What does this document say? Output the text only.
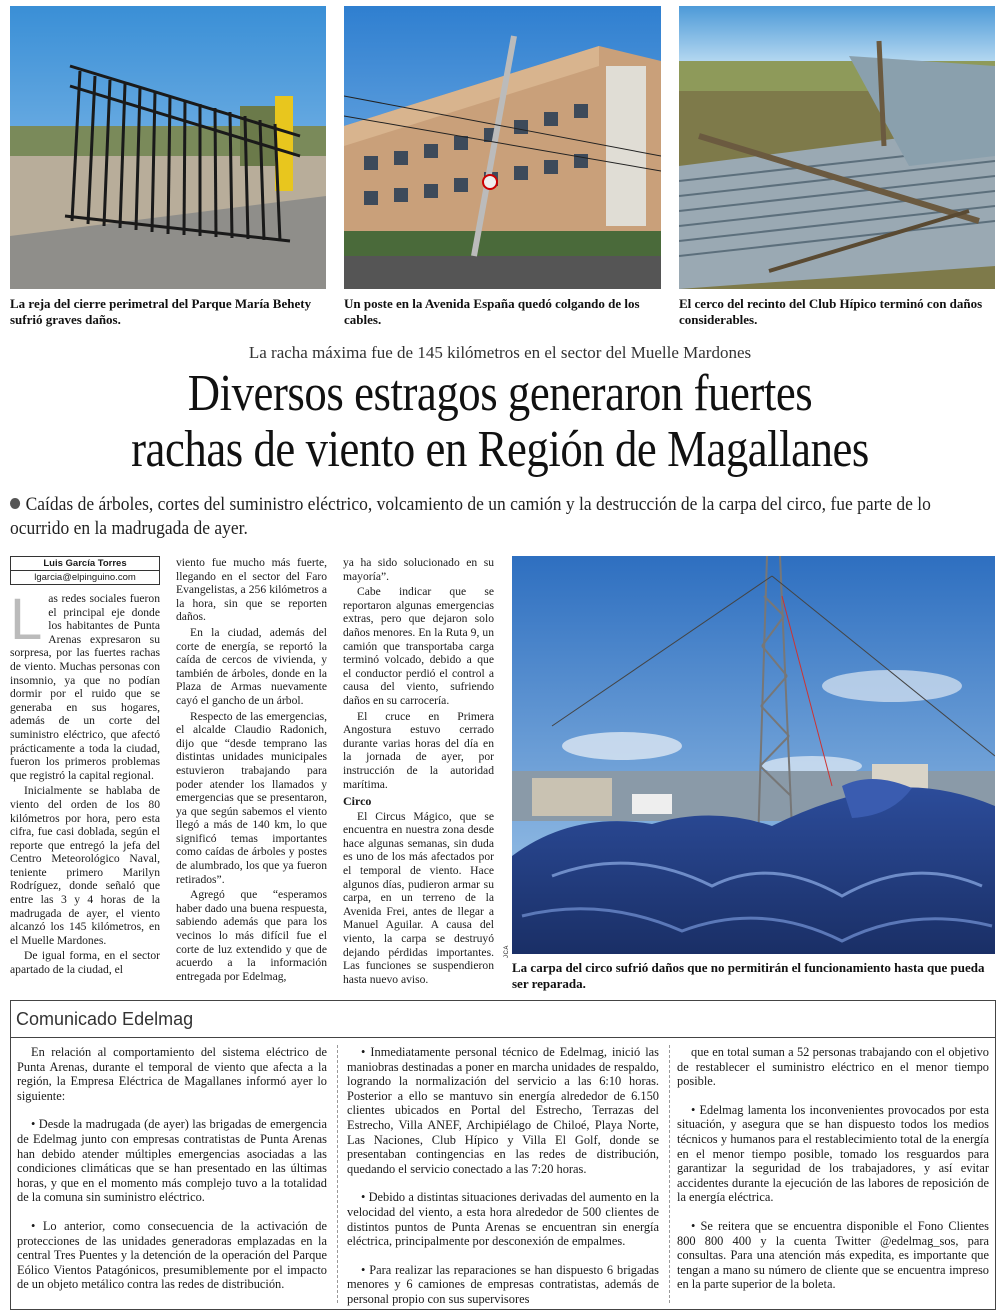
MUNICIPALIDAD
La reja del cierre perimetral del Parque María Behety sufrió graves daños.
MUNICIPALIDAD
Un poste en la Avenida España quedó colgando de los cables.
MUNICIPALIDAD
El cerco del recinto del Club Hípico terminó con daños considerables.
La racha máxima fue de 145 kilómetros en el sector del Muelle Mardones
Diversos estragos generaron fuertes
rachas de viento en Región de Magallanes
Caídas de árboles, cortes del suministro eléctrico, volcamiento de un camión y la destrucción de la carpa del circo, fue parte de lo ocurrido en la madrugada de ayer.
Luis García Torres
lgarcia@elpinguino.com

Las redes sociales fueron el principal eje donde los habitantes de Punta Arenas expresaron su sorpresa, por las fuertes rachas de viento. Muchas personas con insomnio, ya que no podían dormir por el ruido que se generaba en sus hogares, además de un corte del suministro eléctrico, que afectó prácticamente a toda la ciudad, fueron los primeros problemas que registró la capital regional.

Inicialmente se hablaba de viento del orden de los 80 kilómetros por hora, pero esta cifra, fue casi doblada, según el reporte que entregó la jefa del Centro Meteorológico Naval, teniente primero Marilyn Rodríguez, donde señaló que entre las 3 y 4 horas de la madrugada de ayer, el viento alcanzó los 145 kilómetros, en el Muelle Mardones.

De igual forma, en el sector apartado de la ciudad, el

viento fue mucho más fuerte, llegando en el sector del Faro Evangelistas, a 256 kilómetros a la hora, sin que se reporten daños.

En la ciudad, además del corte de energía, se reportó la caída de cercos de vivienda, y también de árboles, donde en la Plaza de Armas nuevamente cayó el gancho de un árbol.

Respecto de las emergencias, el alcalde Claudio Radonich, dijo que “desde temprano las distintas unidades municipales estuvieron trabajando para poder atender los llamados y emergencias que se presentaron, ya que según sabemos el viento llegó a más de 140 km, lo que significó temas importantes como caídas de árboles y postes de alumbrado, los que ya fueron retirados”.

Agregó que “esperamos haber dado una buena respuesta, sabiendo además que para los vecinos lo más difícil fue el corte de luz extendido y que de acuerdo a la información entregada por Edelmag,

ya ha sido solucionado en su mayoría”.

Cabe indicar que se reportaron algunas emergencias extras, pero que dejaron solo daños menores. En la Ruta 9, un camión que transportaba carga terminó volcado, debido a que el conductor perdió el control a causa del viento, sufriendo daños en su carrocería.

El cruce en Primera Angostura estuvo cerrado durante varias horas del día en la jornada de ayer, por instrucción de la autoridad marítima.

Circo

El Circus Mágico, que se encuentra en nuestra zona desde hace algunas semanas, sin duda es uno de los más afectados por el temporal de viento. Hace algunos días, pudieron armar su carpa, en un terreno de la Avenida Frei, antes de llegar a Manuel Aguilar. A causa del viento, la carpa se destruyó dejando pérdidas importantes. Las funciones se suspendieron hasta nuevo aviso.

JCA
La carpa del circo sufrió daños que no permitirán el funcionamiento hasta que pueda ser reparada.
Comunicado Edelmag

En relación al comportamiento del sistema eléctrico de Punta Arenas, durante el temporal de viento que afecta a la región, la Empresa Eléctrica de Magallanes informó ayer lo siguiente:

• Desde la madrugada (de ayer) las brigadas de emergencia de Edelmag junto con empresas contratistas de Punta Arenas han debido atender múltiples emergencias asociadas a las condiciones climáticas que se han presentado en las últimas horas, y que en el momento más complejo tuvo a la totalidad de la comuna sin suministro eléctrico.

• Lo anterior, como consecuencia de la activación de protecciones de las unidades generadoras emplazadas en la central Tres Puentes y la detención de la operación del Parque Eólico Vientos Patagónicos, presumiblemente por el impacto de un objeto metálico contra las redes de distribución.

• Inmediatamente personal técnico de Edelmag, inició las maniobras destinadas a poner en marcha unidades de respaldo, logrando la normalización del servicio a las 6:10 horas. Posterior a ello se mantuvo sin energía alrededor de 6.150 clientes ubicados en Portal del Estrecho, Terrazas del Estrecho, Villa ANEF, Archipiélago de Chiloé, Playa Norte, Las Naciones, Club Hípico y Villa El Golf, donde se presentaban contingencias en las redes de distribución, quedando el servicio conectado a las 7:20 horas.

• Debido a distintas situaciones derivadas del aumento en la velocidad del viento, a esta hora alrededor de 500 clientes de distintos puntos de Punta Arenas se encuentran sin energía eléctrica, principalmente por desconexión de empalmes.

• Para realizar las reparaciones se han dispuesto 6 brigadas menores y 6 camiones de empresas contratistas, además de personal propio con sus supervisores

que en total suman a 52 personas trabajando con el objetivo de restablecer el suministro eléctrico en el menor tiempo posible.

• Edelmag lamenta los inconvenientes provocados por esta situación, y asegura que se han dispuesto todos los medios técnicos y humanos para el restablecimiento total de la energía en el menor tiempo posible, tomado los resguardos para garantizar la seguridad de los trabajadores, y así evitar accidentes durante la ejecución de las labores de reposición de la energía eléctrica.

• Se reitera que se encuentra disponible el Fono Clientes 800 800 400 y la cuenta Twitter @edelmag_sos, para consultas. Para una atención más expedita, es importante que tengan a mano su número de cliente que se encuentra impreso en la parte superior de la boleta.
